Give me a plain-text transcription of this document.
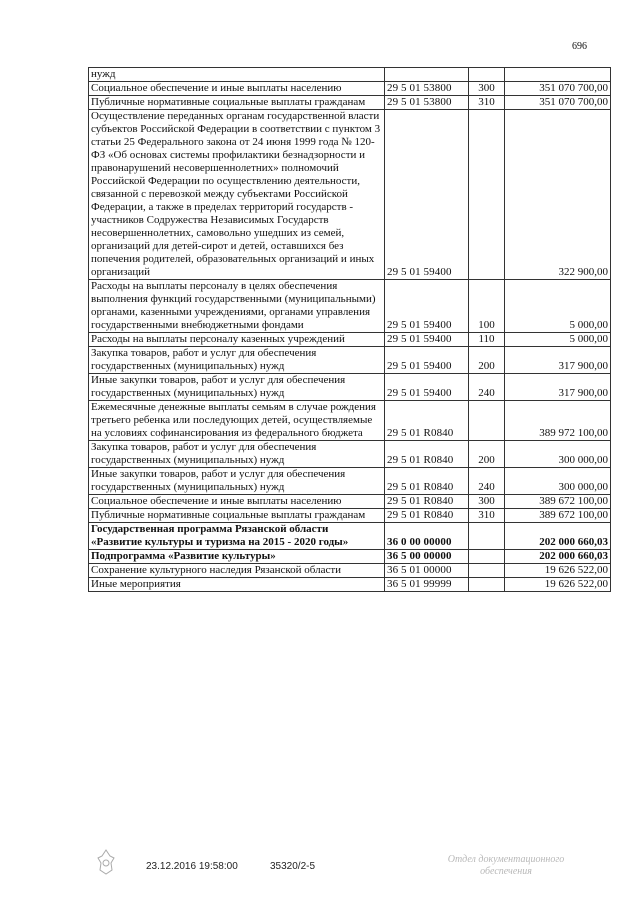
696
нужд			
Социальное обеспечение и иные выплаты населению	29 5 01 53800	300	351 070 700,00
Публичные нормативные социальные выплаты гражданам	29 5 01 53800	310	351 070 700,00
Осуществление переданных органам государственной власти субъектов Российской Федерации в соответствии с пунктом 3 статьи 25 Федерального закона от 24 июня 1999 года № 120-ФЗ «Об основах системы профилактики безнадзорности и правонарушений несовершеннолетних» полномочий Российской Федерации по осуществлению деятельности, связанной с перевозкой между субъектами Российской Федерации, а также в пределах территорий государств - участников Содружества Независимых Государств несовершеннолетних, самовольно ушедших из семей, организаций для детей-сирот и детей, оставшихся без попечения родителей, образовательных организаций и иных организаций	29 5 01 59400		322 900,00
Расходы на выплаты персоналу в целях обеспечения выполнения функций государственными (муниципальными) органами, казенными учреждениями, органами управления государственными внебюджетными фондами	29 5 01 59400	100	5 000,00
Расходы на выплаты персоналу казенных учреждений	29 5 01 59400	110	5 000,00
Закупка товаров, работ и услуг для обеспечения государственных (муниципальных) нужд	29 5 01 59400	200	317 900,00
Иные закупки товаров, работ и услуг для обеспечения государственных (муниципальных) нужд	29 5 01 59400	240	317 900,00
Ежемесячные денежные выплаты семьям в случае рождения третьего ребенка или последующих детей, осуществляемые на условиях софинансирования из федерального бюджета	29 5 01 R0840		389 972 100,00
Закупка товаров, работ и услуг для обеспечения государственных (муниципальных) нужд	29 5 01 R0840	200	300 000,00
Иные закупки товаров, работ и услуг для обеспечения государственных (муниципальных) нужд	29 5 01 R0840	240	300 000,00
Социальное обеспечение и иные выплаты населению	29 5 01 R0840	300	389 672 100,00
Публичные нормативные социальные выплаты гражданам	29 5 01 R0840	310	389 672 100,00
Государственная программа Рязанской области «Развитие культуры и туризма на 2015 - 2020 годы»	36 0 00 00000		202 000 660,03
Подпрограмма «Развитие культуры»	36 5 00 00000		202 000 660,03
Сохранение культурного наследия Рязанской области	36 5 01 00000		19 626 522,00
Иные мероприятия	36 5 01 99999		19 626 522,00
23.12.2016 19:58:00	35320/2-5
Отдел документационного обеспечения
